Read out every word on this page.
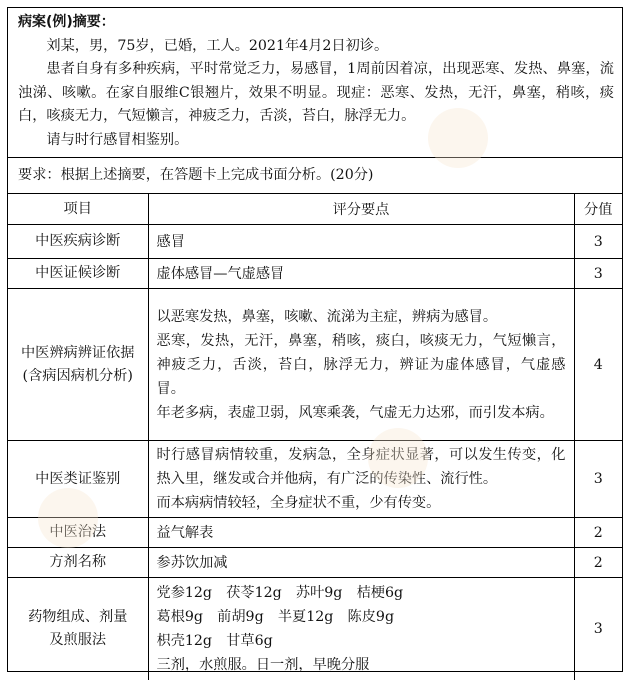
病案(例)摘要：

刘某，男，75岁，已婚，工人。2021年4月2日初诊。

患者自身有多种疾病，平时常觉乏力，易感冒，1周前因着凉，出现恶寒、发热、鼻塞，流浊涕、咳嗽。在家自服维C银翘片，效果不明显。现症：恶寒、发热，无汗，鼻塞，稍咳，痰白，咳痰无力，气短懒言，神疲乏力，舌淡，苔白，脉浮无力。

请与时行感冒相鉴别。

要求：根据上述摘要，在答题卡上完成书面分析。(20分)
项目	评分要点	分值

中医疾病诊断	感冒	3

中医证候诊断	虚体感冒—气虚感冒	3

中医辨病辨证依据
(含病因病机分析)	以恶寒发热，鼻塞，咳嗽、流涕为主症，辨病为感冒。
恶寒，发热，无汗，鼻塞，稍咳，痰白，咳痰无力，气短懒言，神疲乏力，舌淡，苔白，脉浮无力，辨证为虚体感冒，气虚感冒。
年老多病，表虚卫弱，风寒乘袭，气虚无力达邪，而引发本病。	4

中医类证鉴别	时行感冒病情较重，发病急，全身症状显著，可以发生传变，化热入里，继发或合并他病，有广泛的传染性、流行性。
而本病病情较轻，全身症状不重，少有传变。	3

中医治法	益气解表	2

方剂名称	参苏饮加减	2

药物组成、剂量
及煎服法	党参12g　茯苓12g　苏叶9g　桔梗6g
葛根9g　前胡9g　半夏12g　陈皮9g
枳壳12g　甘草6g
三剂，水煎服。日一剂，早晚分服	3
